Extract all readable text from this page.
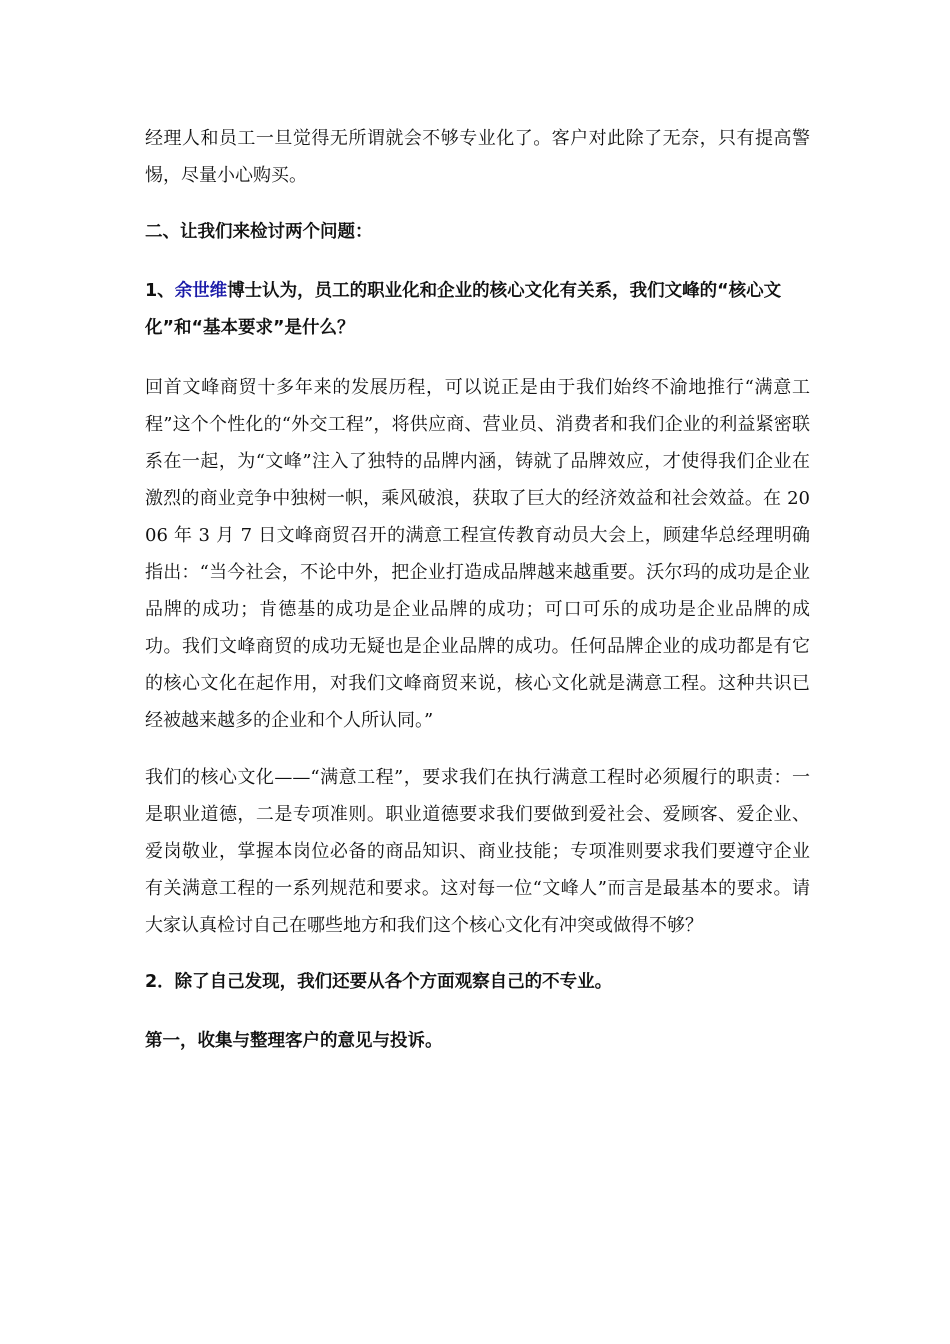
经理人和员工一旦觉得无所谓就会不够专业化了。客户对此除了无奈，只有提高警惕，尽量小心购买。

二、让我们来检讨两个问题：

1、余世维博士认为，员工的职业化和企业的核心文化有关系，我们文峰的“核心文化”和“基本要求”是什么？

回首文峰商贸十多年来的发展历程，可以说正是由于我们始终不渝地推行“满意工程”这个个性化的“外交工程”，将供应商、营业员、消费者和我们企业的利益紧密联系在一起，为“文峰”注入了独特的品牌内涵，铸就了品牌效应，才使得我们企业在激烈的商业竞争中独树一帜，乘风破浪，获取了巨大的经济效益和社会效益。在 2006 年 3 月 7 日文峰商贸召开的满意工程宣传教育动员大会上，顾建华总经理明确指出：“当今社会，不论中外，把企业打造成品牌越来越重要。沃尔玛的成功是企业品牌的成功；肯德基的成功是企业品牌的成功；可口可乐的成功是企业品牌的成功。我们文峰商贸的成功无疑也是企业品牌的成功。任何品牌企业的成功都是有它的核心文化在起作用，对我们文峰商贸来说，核心文化就是满意工程。这种共识已经被越来越多的企业和个人所认同。”

我们的核心文化——“满意工程”，要求我们在执行满意工程时必须履行的职责：一是职业道德，二是专项准则。职业道德要求我们要做到爱社会、爱顾客、爱企业、爱岗敬业，掌握本岗位必备的商品知识、商业技能；专项准则要求我们要遵守企业有关满意工程的一系列规范和要求。这对每一位“文峰人”而言是最基本的要求。请大家认真检讨自己在哪些地方和我们这个核心文化有冲突或做得不够？

2．除了自己发现，我们还要从各个方面观察自己的不专业。

第一，收集与整理客户的意见与投诉。
